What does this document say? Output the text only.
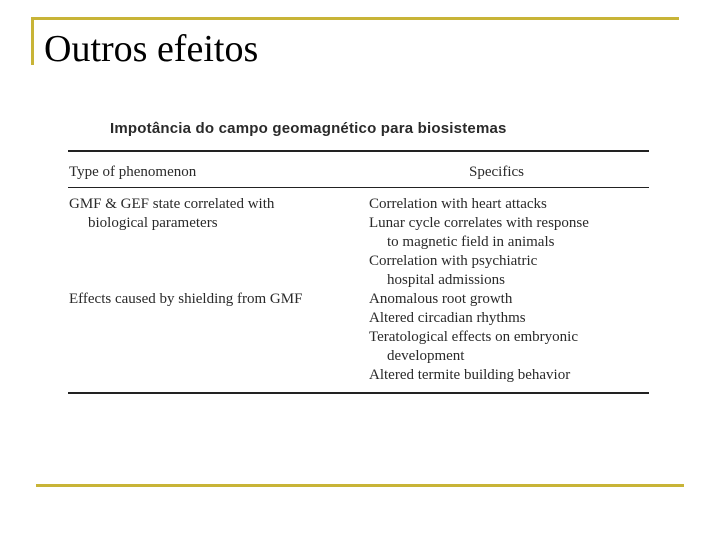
Outros efeitos
Impotância do campo geomagnético para biosistemas
Type of phenomenon	Specifics
GMF & GEF state correlated with
biological parameters
Correlation with heart attacks
Lunar cycle correlates with response
to magnetic field in animals
Correlation with psychiatric
hospital admissions
Effects caused by shielding from GMF	Anomalous root growth
Altered circadian rhythms
Teratological effects on embryonic
development
Altered termite building behavior
